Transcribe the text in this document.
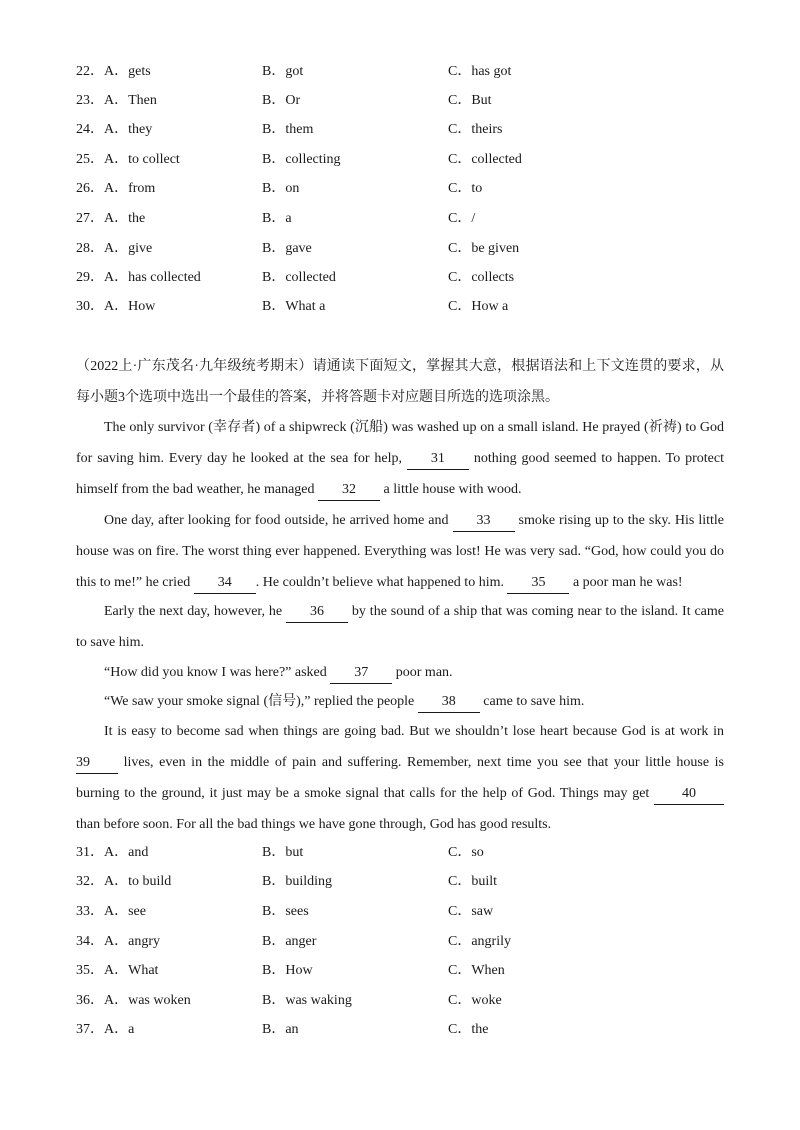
22． A．gets	B．got	C．has got
23． A．Then	B．Or	C．But
24． A．they	B．them	C．theirs
25． A．to collect	B．collecting	C．collected
26． A．from	B．on	C．to
27． A．the	B．a	C．/
28． A．give	B．gave	C．be given
29． A．has collected	B．collected	C．collects
30． A．How	B．What a	C．How a

（2022上·广东茂名·九年级统考期末）请通读下面短文，掌握其大意，根据语法和上下文连贯的要求，从每小题3个选项中选出一个最佳的答案，并将答题卡对应题目所选的选项涂黑。

The only survivor (幸存者) of a shipwreck (沉船) was washed up on a small island. He prayed (祈祷) to God for saving him. Every day he looked at the sea for help, 31 nothing good seemed to happen. To protect himself from the bad weather, he managed 32 a little house with wood.

One day, after looking for food outside, he arrived home and 33 smoke rising up to the sky. His little house was on fire. The worst thing ever happened. Everything was lost! He was very sad. “God, how could you do this to me!” he cried 34 . He couldn’t believe what happened to him. 35 a poor man he was!

Early the next day, however, he 36 by the sound of a ship that was coming near to the island. It came to save him.

“How did you know I was here?” asked 37 poor man.

“We saw your smoke signal (信号),” replied the people 38 came to save him.

It is easy to become sad when things are going bad. But we shouldn’t lose heart because God is at work in 39 lives, even in the middle of pain and suffering. Remember, next time you see that your little house is burning to the ground, it just may be a smoke signal that calls for the help of God. Things may get 40 than before soon. For all the bad things we have gone through, God has good results.

31． A．and	B．but	C．so
32． A．to build	B．building	C．built
33． A．see	B．sees	C．saw
34． A．angry	B．anger	C．angrily
35． A．What	B．How	C．When
36． A．was woken	B．was waking	C．woke
37． A．a	B．an	C．the
